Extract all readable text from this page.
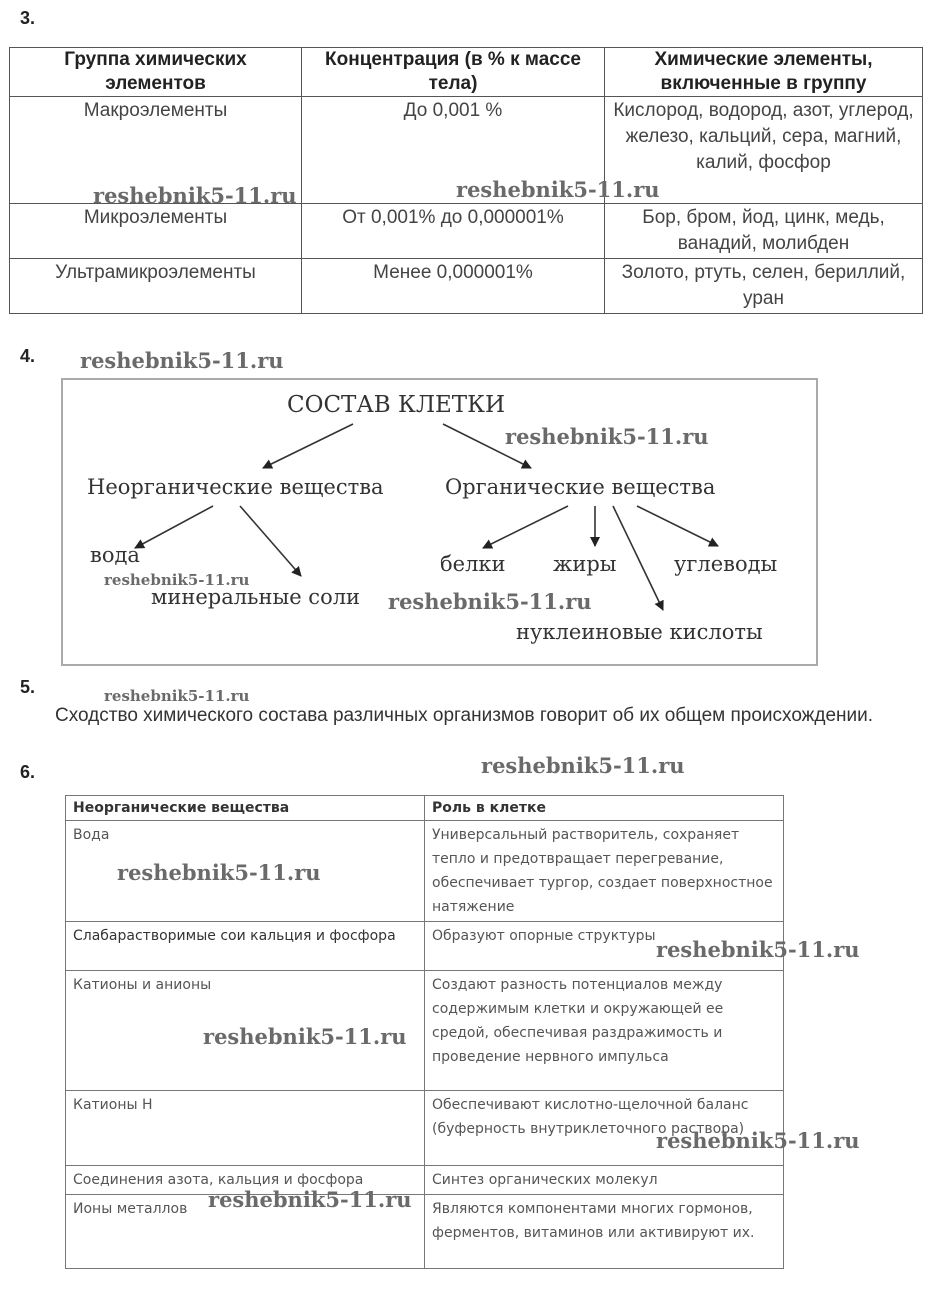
3.
Группа химических элементов	Концентрация (в % к массе тела)	Химические элементы, включенные в группу
Макроэлементы	До 0,001 %	Кислород, водород, азот, углерод, железо, кальций, сера, магний, калий, фосфор
Микроэлементы	От 0,001% до 0,000001%	Бор, бром, йод, цинк, медь, ванадий, молибден
Ультрамикроэлементы	Менее 0,000001%	Золото, ртуть, селен, бериллий, уран
4.
СОСТАВ КЛЕТКИ
Неорганические вещества	Органические вещества
вода
минеральные соли
белки жиры	углеводы
нуклеиновые кислоты
5.
Сходство химического состава различных организмов говорит об их общем происхождении.
6.
Неорганические вещества	Роль в клетке
Вода	Универсальный растворитель, сохраняет тепло и предотвращает перегревание, обеспечивает тургор, создает поверхностное натяжение
Слабарастворимые сои кальция и фосфора	Образуют опорные структуры
Катионы и анионы	Создают разность потенциалов между содержимым клетки и окружающей ее средой, обеспечивая раздражимость и проведение нервного импульса
Катионы Н	Обеспечивают кислотно-щелочной баланс (буферность внутриклеточного раствора)
Соединения азота, кальция и фосфора	Синтез органических молекул
Ионы металлов	Являются компонентами многих гормонов, ферментов, витаминов или активируют их.
reshebnik5-11.ru	reshebnik5-11.ru
reshebnik5-11.ru
reshebnik5-11.ru
reshebnik5-11.ru
reshebnik5-11.ru
reshebnik5-11.ru
reshebnik5-11.ru
reshebnik5-11.ru
reshebnik5-11.ru
reshebnik5-11.ru
reshebnik5-11.ru
reshebnik5-11.ru
